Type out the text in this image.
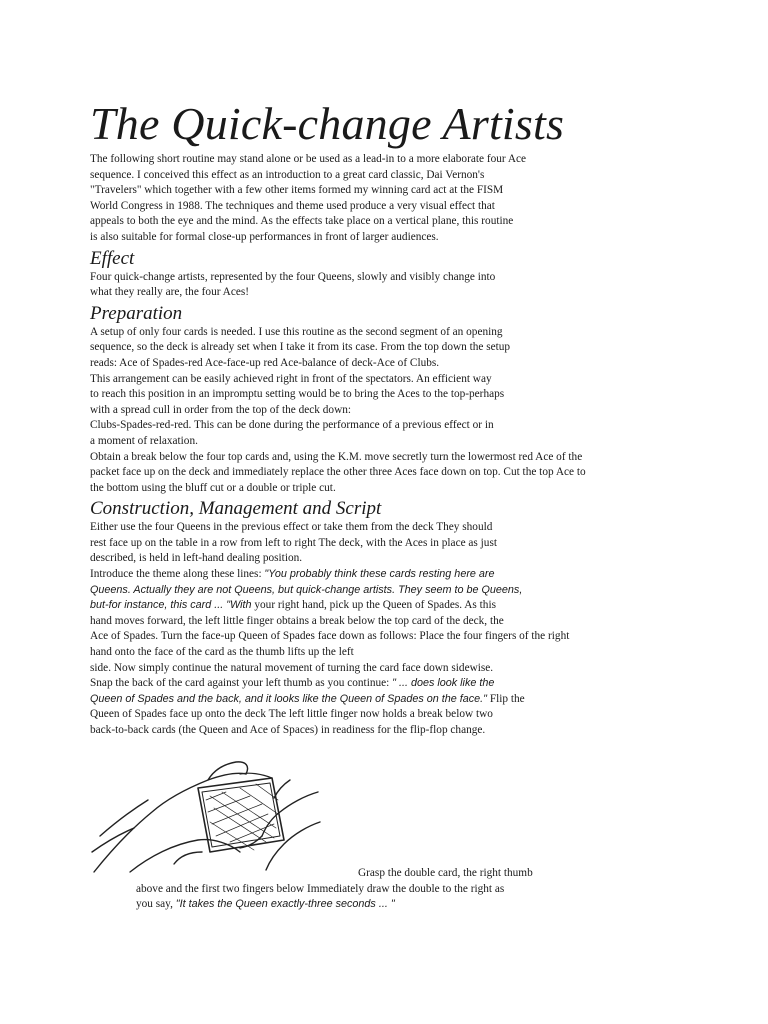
The Quick-change Artists

The following short routine may stand alone or be used as a lead-in to a more elaborate four Ace
sequence. I conceived this effect as an introduction to a great card classic, Dai Vernon's
"Travelers" which together with a few other items formed my winning card act at the FISM
World Congress in 1988. The techniques and theme used produce a very visual effect that
appeals to both the eye and the mind. As the effects take place on a vertical plane, this routine
is also suitable for formal close-up performances in front of larger audiences.

Effect

Four quick-change artists, represented by the four Queens, slowly and visibly change into
what they really are, the four Aces!

Preparation

A setup of only four cards is needed. I use this routine as the second segment of an opening
sequence, so the deck is already set when I take it from its case. From the top down the setup
reads: Ace of Spades-red Ace-face-up red Ace-balance of deck-Ace of Clubs.
This arrangement can be easily achieved right in front of the spectators. An efficient way
to reach this position in an impromptu setting would be to bring the Aces to the top-perhaps
with a spread cull in order from the top of the deck down:
Clubs-Spades-red-red. This can be done during the performance of a previous effect or in
a moment of relaxation.
Obtain a break below the four top cards and, using the K.M. move secretly turn the lowermost red Ace of the
packet face up on the deck and immediately replace the other three Aces face down on top. Cut the top Ace to
the bottom using the bluff cut or a double or triple cut.

Construction, Management and Script

Either use the four Queens in the previous effect or take them from the deck They should
rest face up on the table in a row from left to right The deck, with the Aces in place as just
described, is held in left-hand dealing position.
Introduce the theme along these lines: "You probably think these cards resting here are
Queens. Actually they are not Queens, but quick-change artists. They seem to be Queens,
but-for instance, this card ... "With your right hand, pick up the Queen of Spades. As this
hand moves forward, the left little finger obtains a break below the top card of the deck, the
Ace of Spades. Turn the face-up Queen of Spades face down as follows: Place the four fingers of the right
hand onto the face of the card as the thumb lifts up the left
side. Now simply continue the natural movement of turning the card face down sidewise.
Snap the back of the card against your left thumb as you continue: " ... does look like the
Queen of Spades and the back, and it looks like the Queen of Spades on the face." Flip the
Queen of Spades face up onto the deck The left little finger now holds a break below two
back-to-back cards (the Queen and Ace of Spaces) in readiness for the flip-flop change.

Grasp the double card, the right thumb
above and the first two fingers below Immediately draw the double to the right as
you say, "It takes the Queen exactly-three seconds ... "
